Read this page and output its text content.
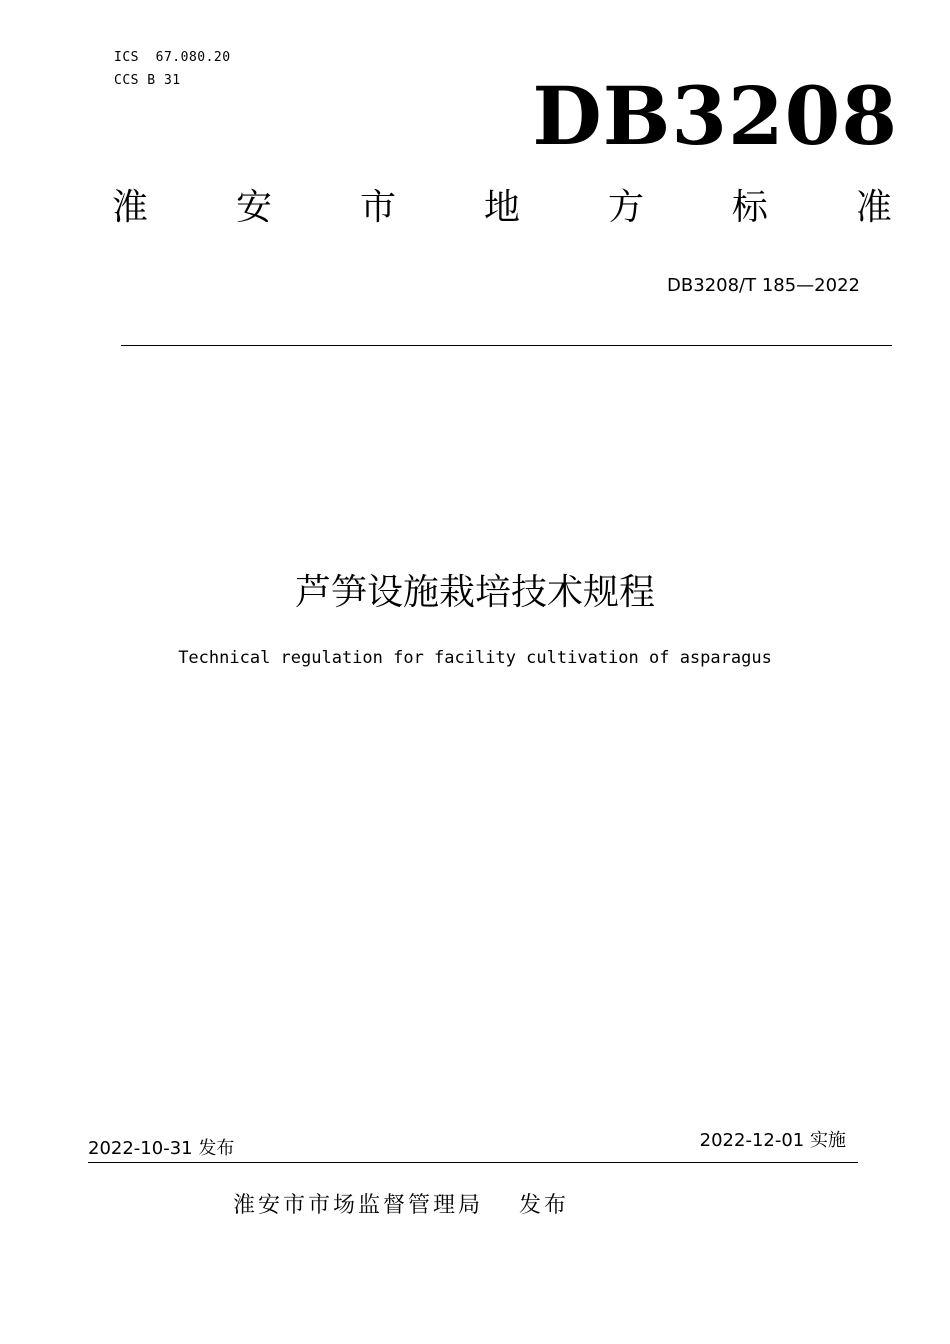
ICS  67.080.20
CCS B 31	DB3208
淮 安 市 地 方 标 准
DB3208/T 185—2022
芦笋设施栽培技术规程
Technical regulation for facility cultivation of asparagus
2022-10-31 发布	2022-12-01 实施
淮安市市场监督管理局 发布
